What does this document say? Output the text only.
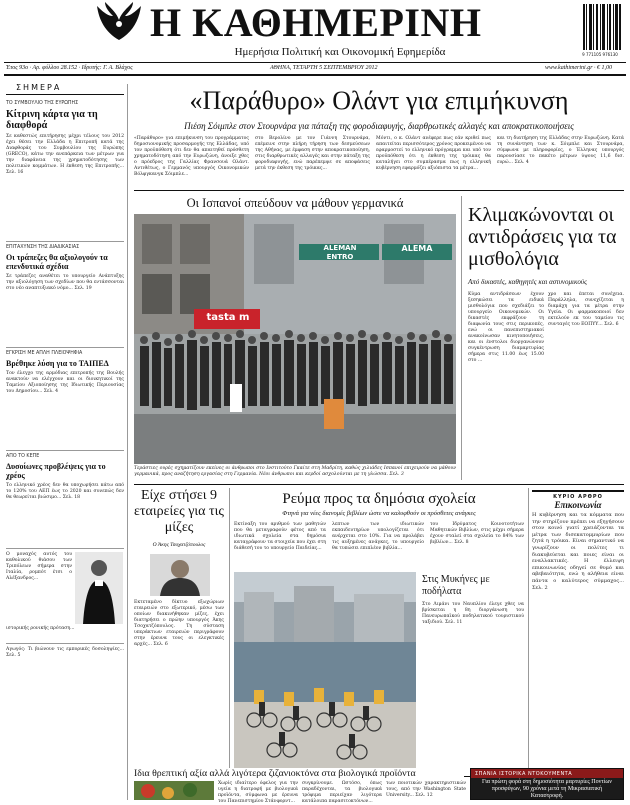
Η ΚΑΘΗΜΕΡΙΝΗ
Ημερήσια Πολιτική και Οικονομική Εφημερίδα	9 771105 976130
Έτος 93ο · Αρ. φύλλου 28.152 · Ιδρυτής: Γ. Α. Βλάχος	ΑΘΗΝΑ, ΤΕΤΑΡΤΗ 5 ΣΕΠΤΕΜΒΡΙΟΥ 2012	www.kathimerini.gr · € 1,00
ΣΗΜΕΡΑ
ΤΟ ΣΥΜΒΟΥΛΙΟ ΤΗΣ ΕΥΡΩΠΗΣ
Κίτρινη κάρτα για τη διαφθορά
Σε καθεστώς επιτήρησης μέχρι τέλους του 2012 έχει θέσει την Ελλάδα η Επιτροπή κατά της Διαφθοράς του Συμβουλίου της Ευρώπης (GRECO), κάτω την ανεπάρκεια των μέτρων για την διαφάνεια της χρηματοδότησης των πολιτικών κομμάτων. Η έκθεση της Επιτροπής... Σελ. 16
ΕΠΙΤΑΧΥΝΣΗ ΤΗΣ ΔΙΑΔΙΚΑΣΙΑΣ
Οι τράπεζες θα αξιολογούν τα επενδυτικά σχέδια
Σε τράπεζες αναθέτει το υπουργείο Ανάπτυξης την αξιολόγηση των σχεδίων που θα εντάσσονται στο νέο αναπτυξιακό νόμο... Σελ. 19
ΕΓΚΡΙΣΗ ΜΕ ΑΠΛΗ ΠΛΕΙΟΨΗΦΙΑ
Βρέθηκε λύση για το ΤΑΙΠΕΔ
Τον έλεγχο της αρμόδιας επιτροπής της Βουλής ανακτούν να ελέγχουν και οι διοικητικοί της Ταμείου Αξιοποίησης της Ιδιωτικής Περιουσίας του Δημοσίου... Σελ. 4
ΑΠΟ ΤΟ ΚΕΠΕ
Δυσοίωνες προβλέψεις για το χρέος
Το ελληνικό χρέος δεν θα υποχωρήσει κάτω από το 120% του ΑΕΠ έως το 2020 και συνεπώς δεν θα θεωρείται βιώσιμο... Σελ. 18
Ο μοναχός αυτός του καθολικού θιάσου των Τριπόλεων σήμερα στην Ιταλία, ρομπότ έτσι ο Αλέξανδρος...
ιστορικής ρονικής πρόταση...
Αγωγός: Τι βιώνουν τις εμπορικές δοσοληψίες... Σελ. 5
«Παράθυρο» Ολάντ για επιμήκυνση
Πιέση Σόιμπλε στον Στουρνάρα για πάταξη της φοροδιαφυγής, διαρθρωτικές αλλαγές και αποκρατικοποιήσεις
«Παράθυρο» για επιμήκυνση του προγράμματος δημοσιονομικής προσαρμογής της Ελλάδας, υπό τον προϋπόθεση ότι δεν θα απαιτηθεί πρόσθετη χρηματοδότηση από την Ευρωζώνη, άνοιξε χθες ο πρόεδρος της Γαλλίας Φρανσουά Ολάντ. Αντιθέτως, ο Γερμανός υπουργός Οικονομικών Βόλφγκανγκ Σόιμπλε...
στο Βερολίνο με τον Γιάννη Στουρνάρα, επέμεινε στην πλήρη τήρηση των δεσμεύσεων της Αθήνας, με έμφαση στην αποκρατικοποίηση, στις διαρθρωτικές αλλαγές και στην πάταξη της φοροδιαφυγής, ενώ παρέπεμψε σε αποφάσεις μετά την έκθεση της τρόικας...
Μόντι, ο κ. Ολάντ ανέφερε πως εάν κριθεί πως απαιτείται περισσότερος χρόνος προκειμένου να εφαρμοστεί το ελληνικό πρόγραμμα και υπό τον προϋπόθεση ότι η έκθεση της τρόικας θα καταλήγει στο συμπέρασμα πως η ελληνική κυβέρνηση εφαρμόζει αξιόπιστα τα μέτρα...
και τη διατήρηση της Ελλάδας στην Ευρωζώνη. Κατά τη συνάντηση των κ. Σόιμπλε και Στουρνάρα, σύμφωνα με πληροφορίες, ο Έλληνας υπουργός παρουσίασε το πακέτο μέτρων ύψους 11,6 δισ. ευρώ... Σελ. 4
Οι Ισπανοί σπεύδουν να μάθουν γερμανικά
tasta m
ALEMAN
ENTRO
ALEMA
Τεράστιες ουρές σχηματίζουν εκείνες οι άνθρωποι στο Ινστιτούτο Γκαίτε στη Μαδρίτη, καθώς χιλιάδες Ισπανοί επιχειρούν να μάθουν γερμανικά, προς αναζήτηση εργασίας στη Γερμανία. Νέοι άνθρωποι και κερδοί ασχολούνται με τη γλώσσα. Σελ. 3
Κλιμακώνονται οι αντιδράσεις για τα μισθολόγια
Από δικαστές, καθηγητές και αστυνομικούς
Κύμα αντιδράσεων έχουν ξεσηκώσει τα ειδικά μισθολόγια που σχεδιάζει το υπουργείο Οικονομικών. Οι δικαστές εκφράζουν τη διαφωνία τους στις περικοπές, ενώ οι πανεπιστημιακοί ανακοίνωσαν κινητοποιήσεις, και οι ένστολοι διοργανώνουν συγκέντρωση διαμαρτυρίας σήμερα στις 11.00 έως 15.00 στο ...
χρο και έπεται συνέχεια. Παράλληλα, συνεχίζεται η διαμάχη για τα μέτρα στην Υγεία. Οι φαρμακοποιοί δεν εκτελούν εκ του ταμείου τις συνταγές του ΕΟΠΥΥ... Σελ. 6
Είχε στήσει 9 εταιρείες για τις μίζες
Ο Άκης Τσοχατζόπουλος
Εκτεταμένο δίκτυο εξωχώριων εταιρειών στο εξωτερικό, μέσω των οποίων διακινήθηκαν μίζες, έχει διατηρήσει ο πρώην υπουργός Άκης Τσοχατζόπουλος. Τη σύσταση υπεράκτιων εταιρειών περιγράφουν στην έρευνα τους οι ελεγκτικές αρχές... Σελ. 6
Ρεύμα προς τα δημόσια σχολεία
Φτηνά για νέες διανομές βιβλίων ώστε να καλυφθούν οι πρόσθετες ανάγκες
Εκτίναξη του αριθμού των μαθητών που θα μεταγραφούν φέτος από τα ιδιωτικά σχολεία στα δημόσια καταγράφουν τα στοιχεία που έχει στη διάθεσή του το υπουργείο Παιδείας...
λεπτων των ιδιωτικών εκπαιδευτηρίων υπολογίζεται ότι ανέρχεται στο 10%. Για να προλάβει τις αυξημένες ανάγκες, το υπουργείο θα τυπώσει επιπλέον βιβλία...
του Ιδρύματος Κοινοτοτήτων Μαθητικών Βιβλίων, στις μέχρι σήμερα έχουν σταλεί στα σχολεία το 84% των βιβλίων... Σελ. 8
Στις Μυκήνες με ποδήλατα
Στο Λιμάνι του Ναυπλίου έλεγε χθες να βρίσκεται η 8η διοργάνωση του Πανευρωπαϊκού ποδηλατικού τουριστικού ταξιδιού. Σελ. 11
ΚΥΡΙΟ ΑΡΘΡΟ
Επικοινωνία
Η κυβέρνηση και τα κόμματα που την στηρίζουν πρέπει να εξηγήσουν στον κοινό γιατί χρειάζονται τα μέτρα των δισεκατομμυρίων που ζητά η τρόικα. Είναι σημαντικό να γνωρίζουν οι πολίτες τι διακυβεύεται και ποιες είναι οι εναλλακτικές. Η έλλειψη επικοινωνίας οδηγεί σε θυμό και αβεβαιότητα, ενώ η αλήθεια είναι πάντα ο καλύτερος σύμμαχος... Σελ. 2
Ιδια θρεπτική αξία αλλά λιγότερα ζιζανιοκτόνα στα βιολογικά προϊόντα
Χωρίς ιδιαίτερο όφελος για την υγεία η διατροφή με βιολογικά προϊόντα, σύμφωνα με έρευνα του Πανεπιστημίου Στάνφορντ...
συγκρίνουμε. Ωστόσο, όπως παραδέχονται, τα βιολογικά τρόφιμα περιείχαν λιγότερα κατάλοιπα παρασιτοκτόνων...
των ποιοτικών χαρακτηριστικών τους, από την Washington State University... Σελ. 12
ΣΠΑΝΙΑ ΙΣΤΟΡΙΚΑ ΝΤΟΚΟΥΜΕΝΤΑ
Για πρώτη φορά στη δημοσιότητα μαρτυρίες Ποντίων προσφύγων, 90 χρόνια μετά τη Μικρασιατική Καταστροφή.
